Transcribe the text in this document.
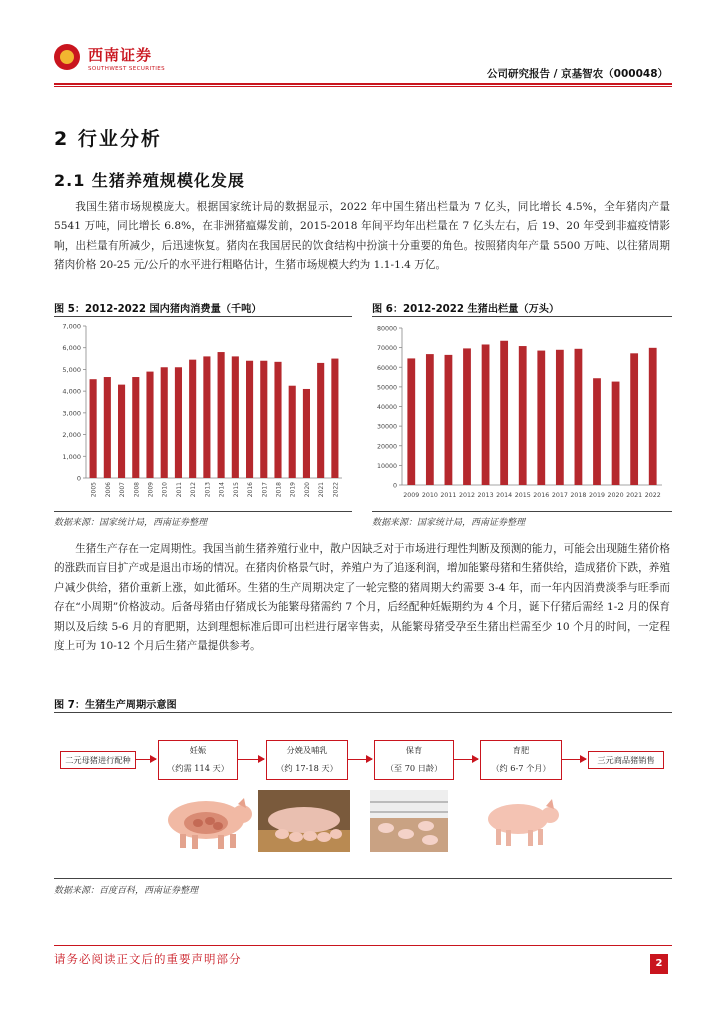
西南证券
SOUTHWEST SECURITIES	公司研究报告 / 京基智农（000048）
2 行业分析
2.1 生猪养殖规模化发展

我国生猪市场规模庞大。根据国家统计局的数据显示，2022 年中国生猪出栏量为 7 亿头，同比增长 4.5%，全年猪肉产量 5541 万吨，同比增长 6.8%，在非洲猪瘟爆发前，2015-2018 年间平均年出栏量在 7 亿头左右，后 19、20 年受到非瘟疫情影响，出栏量有所减少，后迅速恢复。猪肉在我国居民的饮食结构中扮演十分重要的角色。按照猪肉年产量 5500 万吨、以往猪周期猪肉价格 20-25 元/公斤的水平进行粗略估计，生猪市场规模大约为 1.1-1.4 万亿。

图 5：2012-2022 国内猪肉消费量（千吨）
0
1,000
2,000
3,000
4,000
5,000
6,000
7,000
2005 2006 2007 2008 2009 2010 2011 2012 2013 2014 2015 2016 2017 2018 2019 2020 2021 2022
数据来源：国家统计局，西南证券整理
图 6：2012-2022 生猪出栏量（万头）
0
10000
20000
30000
40000
50000
60000
70000
80000
2009 2010 2011 2012 2013 2014 2015 2016 2017 2018 2019 2020 2021 2022
数据来源：国家统计局，西南证券整理

生猪生产存在一定周期性。我国当前生猪养殖行业中，散户因缺乏对于市场进行理性判断及预测的能力，可能会出现随生猪价格的涨跌而盲目扩产或是退出市场的情况。在猪肉价格景气时，养殖户为了追逐利润，增加能繁母猪和生猪供给，造成猪价下跌，养殖户减少供给，猪价重新上涨，如此循环。生猪的生产周期决定了一轮完整的猪周期大约需要 3-4 年，而一年内因消费淡季与旺季而存在“小周期”价格波动。后备母猪由仔猪成长为能繁母猪需约 7 个月，后经配种妊娠期约为 4 个月，诞下仔猪后需经 1-2 月的保育期以及后续 5-6 月的育肥期，达到理想标准后即可出栏进行屠宰售卖，从能繁母猪受孕至生猪出栏需至少 10 个月的时间，一定程度上可为 10-12 个月后生猪产量提供参考。

图 7：生猪生产周期示意图
二元母猪进行配种
妊娠
（约需 114 天）
分娩及哺乳
（约 17-18 天）
保育
（至 70 日龄）
育肥
（约 6-7 个月）
三元商品猪销售
数据来源：百度百科，西南证券整理
请务必阅读正文后的重要声明部分	2
